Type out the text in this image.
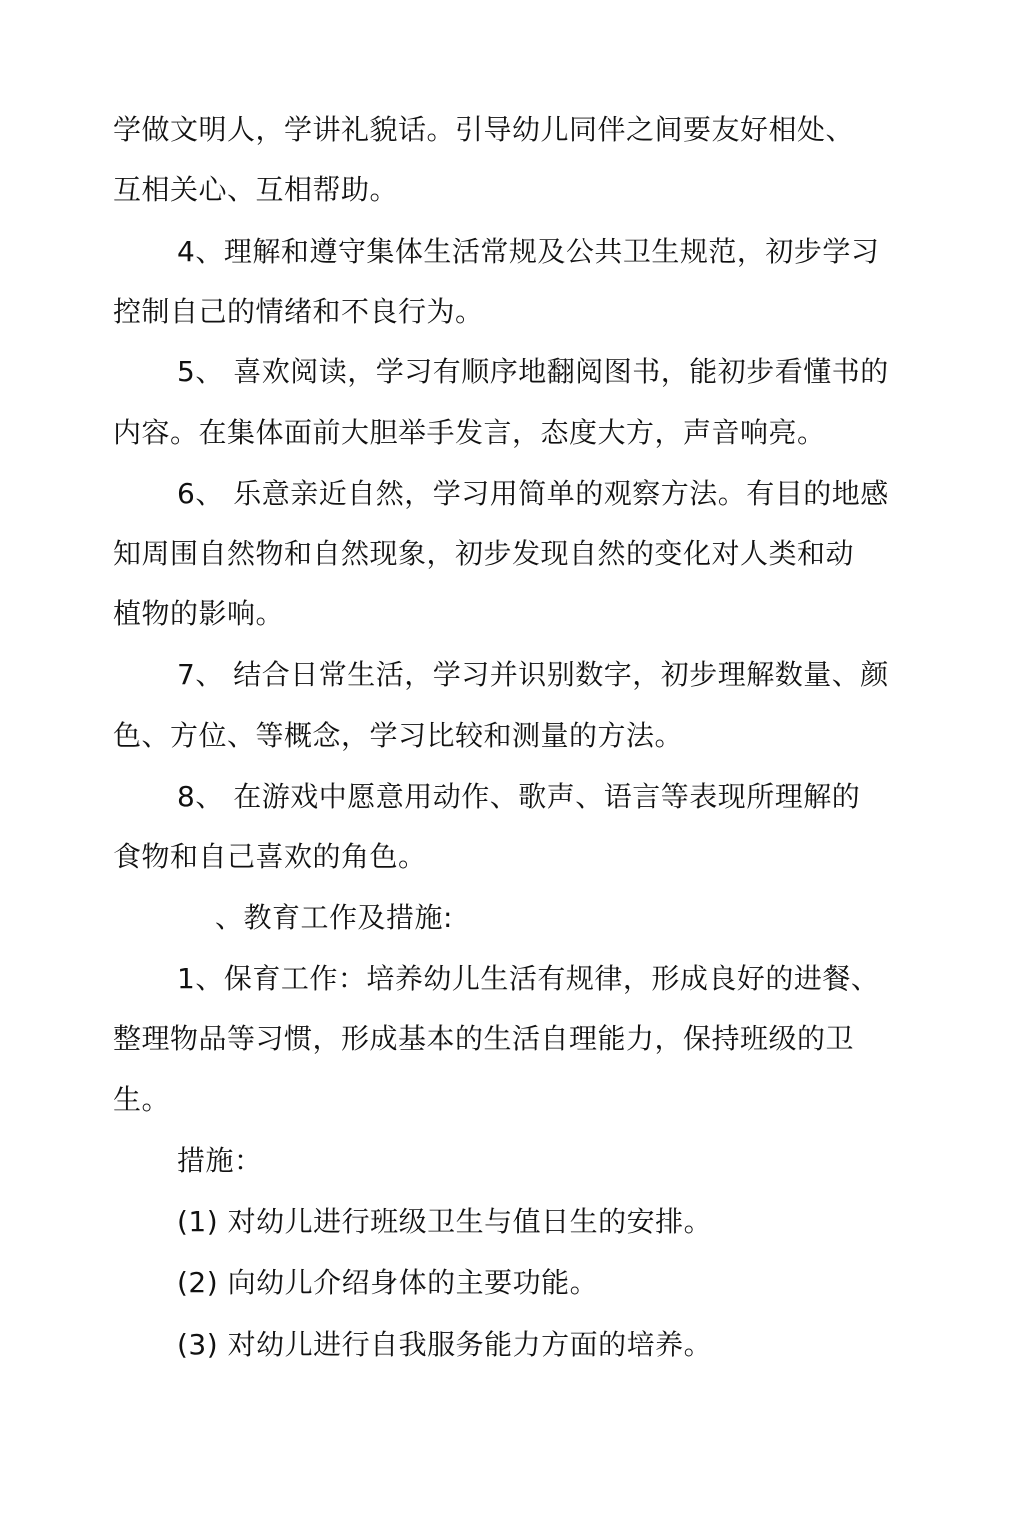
学做文明人，学讲礼貌话。引导幼儿同伴之间要友好相处、
互相关心、互相帮助。
4、理解和遵守集体生活常规及公共卫生规范，初步学习
控制自己的情绪和不良行为。
5、 喜欢阅读，学习有顺序地翻阅图书，能初步看懂书的
内容。在集体面前大胆举手发言，态度大方，声音响亮。
6、 乐意亲近自然，学习用简单的观察方法。有目的地感
知周围自然物和自然现象，初步发现自然的变化对人类和动
植物的影响。
7、 结合日常生活，学习并识别数字，初步理解数量、颜
色、方位、等概念，学习比较和测量的方法。
8、 在游戏中愿意用动作、歌声、语言等表现所理解的
食物和自己喜欢的角色。
、教育工作及措施:
1、保育工作：培养幼儿生活有规律，形成良好的进餐、
整理物品等习惯，形成基本的生活自理能力，保持班级的卫
生。
措施：
(1) 对幼儿进行班级卫生与值日生的安排。
(2) 向幼儿介绍身体的主要功能。
(3) 对幼儿进行自我服务能力方面的培养。
